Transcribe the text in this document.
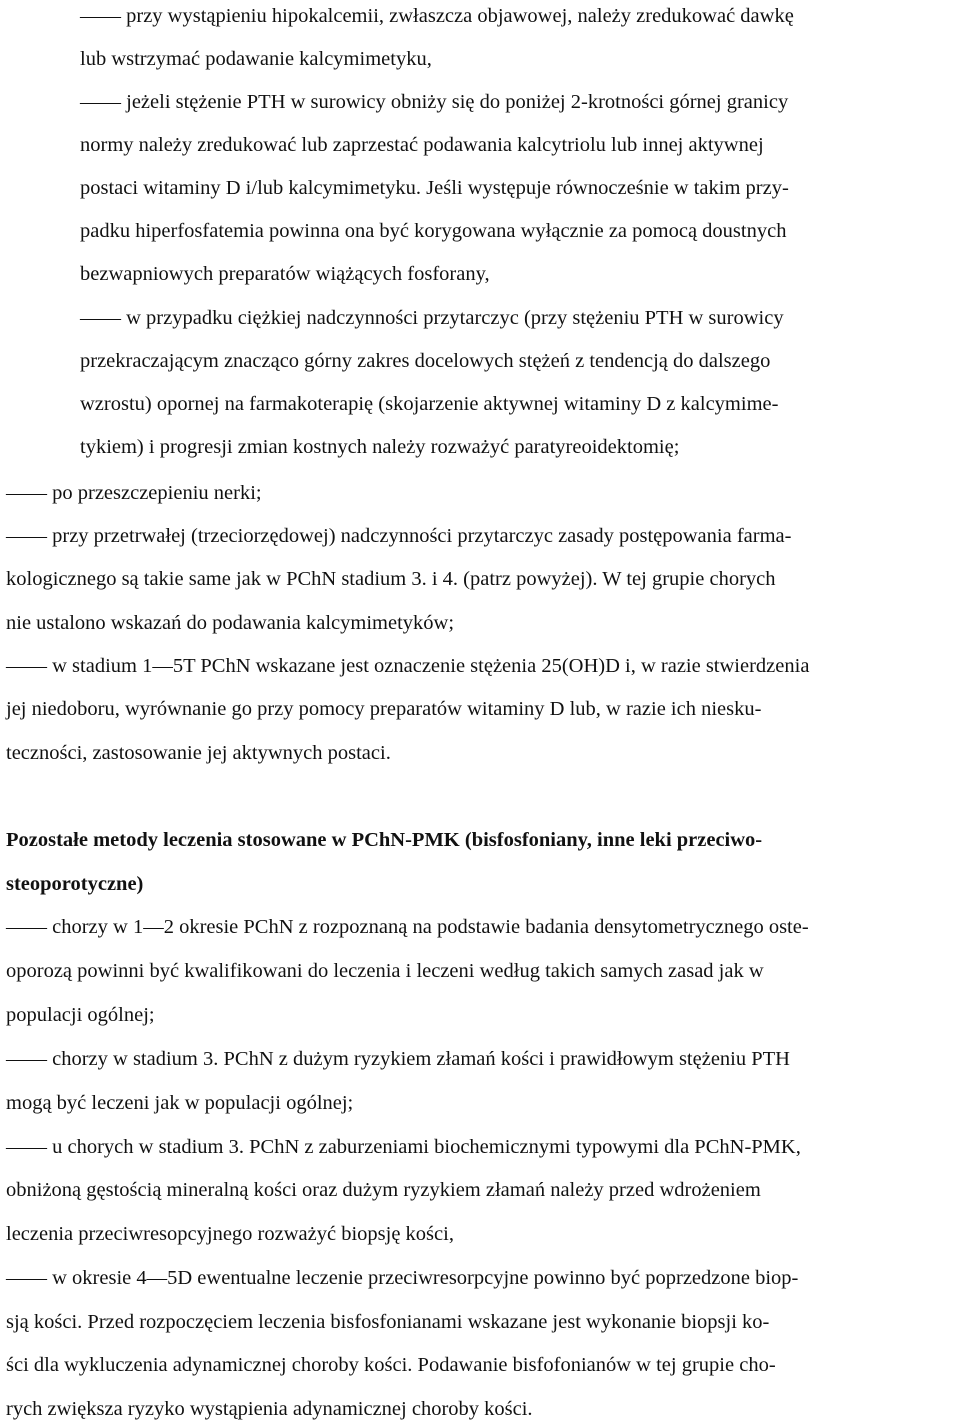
—— przy wystąpieniu hipokalcemii, zwłaszcza objawowej, należy zredukować dawkę
lub wstrzymać podawanie kalcymimetyku,
—— jeżeli stężenie PTH w surowicy obniży się do poniżej 2-krotności górnej granicy
normy należy zredukować lub zaprzestać podawania kalcytriolu lub innej aktywnej
postaci witaminy D i/lub kalcymimetyku. Jeśli występuje równocześnie w takim przy-
padku hiperfosfatemia powinna ona być korygowana wyłącznie za pomocą doustnych
bezwapniowych preparatów wiążących fosforany,
—— w przypadku ciężkiej nadczynności przytarczyc (przy stężeniu PTH w surowicy
przekraczającym znacząco górny zakres docelowych stężeń z tendencją do dalszego
wzrostu) opornej na farmakoterapię (skojarzenie aktywnej witaminy D z kalcymime-
tykiem) i progresji zmian kostnych należy rozważyć paratyreoidektomię;
—— po przeszczepieniu nerki;
—— przy przetrwałej (trzeciorzędowej) nadczynności przytarczyc zasady postępowania farma-
kologicznego są takie same jak w PChN stadium 3. i 4. (patrz powyżej). W tej grupie chorych
nie ustalono wskazań do podawania kalcymimetyków;
—— w stadium 1—5T PChN wskazane jest oznaczenie stężenia 25(OH)D i, w razie stwierdzenia
jej niedoboru, wyrównanie go przy pomocy preparatów witaminy D lub, w razie ich niesku-
teczności, zastosowanie jej aktywnych postaci.
Pozostałe metody leczenia stosowane w PChN-PMK (bisfosfoniany, inne leki przeciwo-
steoporotyczne)
—— chorzy w 1—2 okresie PChN z rozpoznaną na podstawie badania densytometrycznego oste-
oporozą powinni być kwalifikowani do leczenia i leczeni według takich samych zasad jak w
populacji ogólnej;
—— chorzy w stadium 3. PChN z dużym ryzykiem złamań kości i prawidłowym stężeniu PTH
mogą być leczeni jak w populacji ogólnej;
—— u chorych w stadium 3. PChN z zaburzeniami biochemicznymi typowymi dla PChN-PMK,
obniżoną gęstością mineralną kości oraz dużym ryzykiem złamań należy przed wdrożeniem
leczenia przeciwresopcyjnego rozważyć biopsję kości,
—— w okresie 4—5D ewentualne leczenie przeciwresorpcyjne powinno być poprzedzone biop-
sją kości. Przed rozpoczęciem leczenia bisfosfonianami wskazane jest wykonanie biopsji ko-
ści dla wykluczenia adynamicznej choroby kości. Podawanie bisfofonianów w tej grupie cho-
rych zwiększa ryzyko wystąpienia adynamicznej choroby kości.
